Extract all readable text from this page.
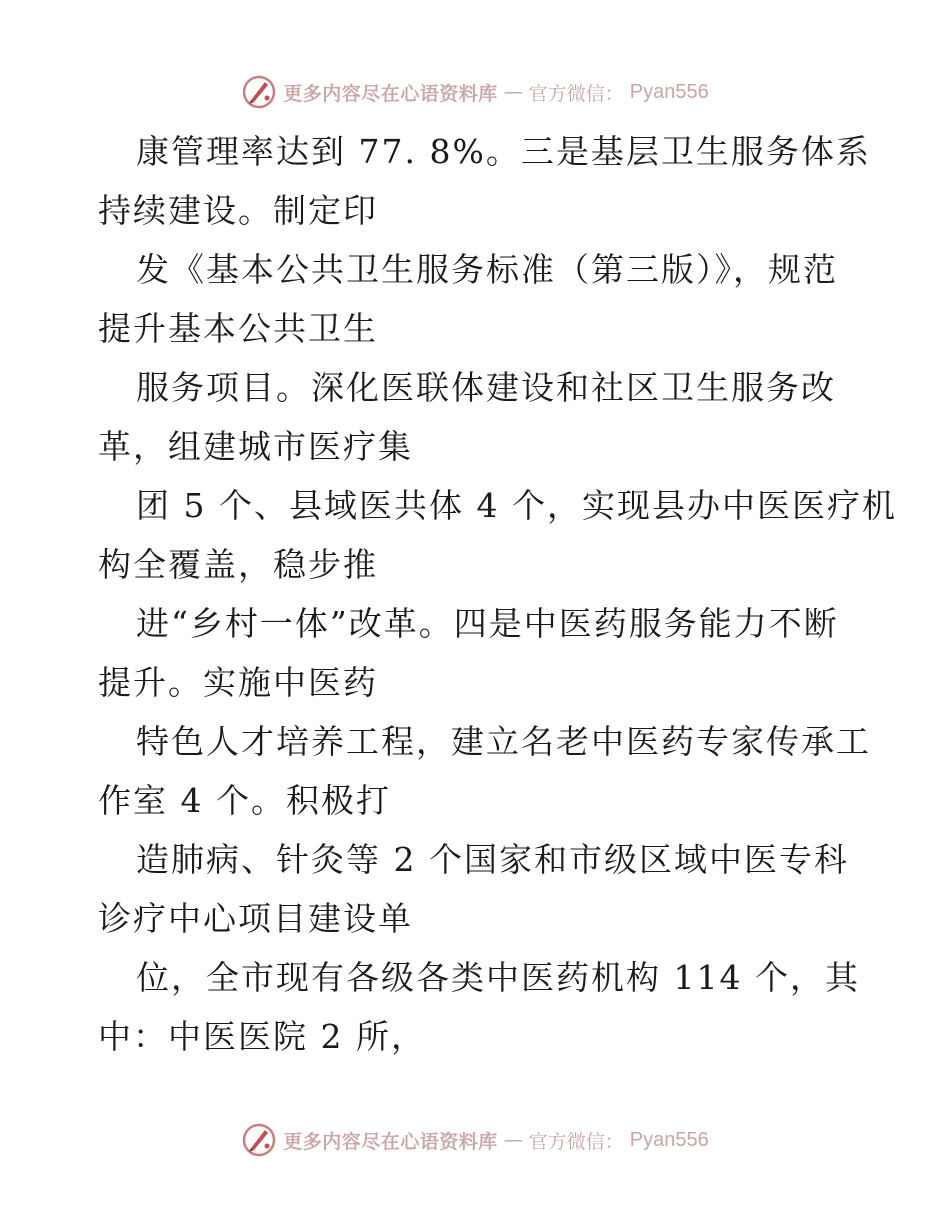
更多内容尽在心语资料库 — 官方微信： Pyan556
康管理率达到 77. 8%。三是基层卫生服务体系
持续建设。制定印
发《基本公共卫生服务标准（第三版）》，规范
提升基本公共卫生
服务项目。深化医联体建设和社区卫生服务改
革，组建城市医疗集
团 5 个、县域医共体 4 个，实现县办中医医疗机
构全覆盖，稳步推
进“乡村一体”改革。四是中医药服务能力不断
提升。实施中医药
特色人才培养工程，建立名老中医药专家传承工
作室 4 个。积极打
造肺病、针灸等 2 个国家和市级区域中医专科
诊疗中心项目建设单
位，全市现有各级各类中医药机构 114 个，其
中：中医医院 2 所，
更多内容尽在心语资料库 — 官方微信： Pyan556
